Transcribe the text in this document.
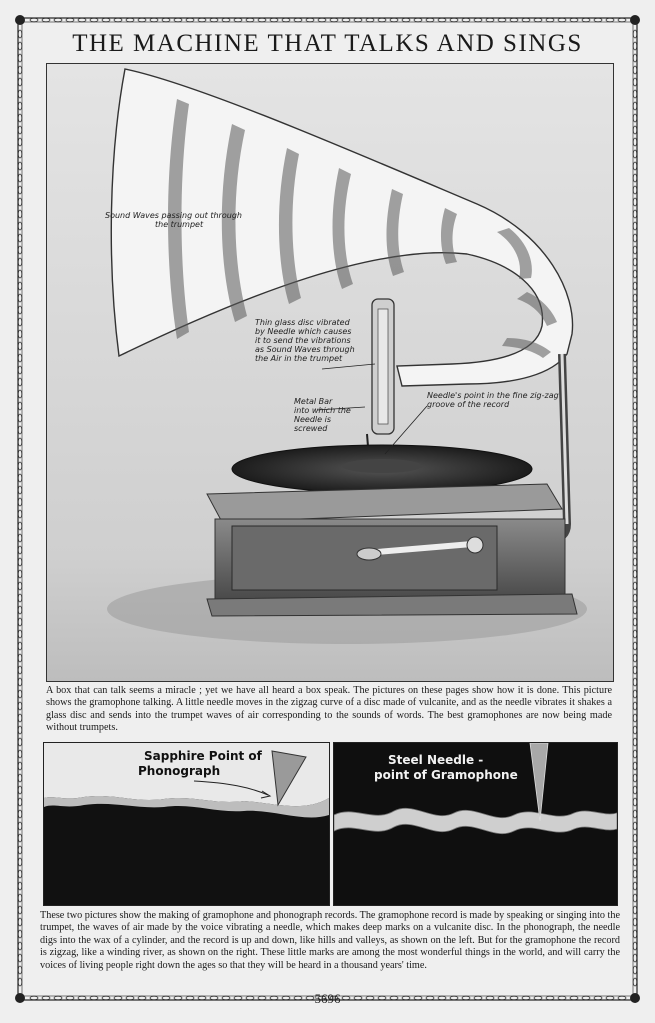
THE MACHINE THAT TALKS AND SINGS
Sound Waves passing out through
the trumpet
Thin glass disc vibrated
by Needle which causes
it to send the vibrations
as Sound Waves through
the Air in the trumpet
Metal Bar
into which the
Needle is
screwed
Needle's point in the fine zig-zag
groove of the record

A box that can talk seems a miracle ; yet we have all heard a box speak. The pictures on these pages show how it is done. This picture shows the gramophone talking. A little needle moves in the zigzag curve of a disc made of vulcanite, and as the needle vibrates it shakes a glass disc and sends into the trumpet waves of air corresponding to the sounds of words. The best gramophones are now being made without trumpets.

Sapphire Point of
Phonograph
Steel Needle -
point of Gramophone

These two pictures show the making of gramophone and phonograph records. The gramophone record is made by speaking or singing into the trumpet, the waves of air made by the voice vibrating a needle, which makes deep marks on a vulcanite disc. In the phonograph, the needle digs into the wax of a cylinder, and the record is up and down, like hills and valleys, as shown on the left. But for the gramophone the record is zigzag, like a winding river, as shown on the right. These little marks are among the most wonderful things in the world, and will carry the voices of living people right down the ages so that they will be heard in a thousand years' time.

5696
